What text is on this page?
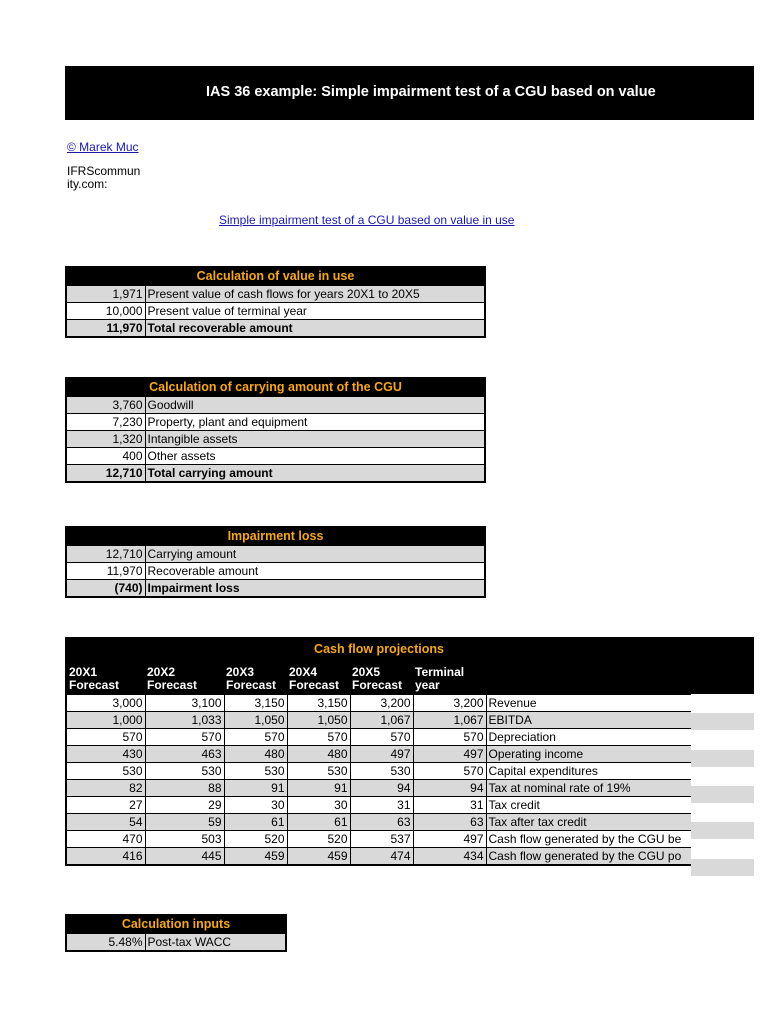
IAS 36 example: Simple impairment test of a CGU based on value
© Marek Muc
IFRScommun ity.com:
Simple impairment test of a CGU based on value in use
Calculation of value in use	
1,971	Present value of cash flows for years 20X1 to 20X5
10,000	Present value of terminal year
11,970	Total recoverable amount
Calculation of carrying amount of the CGU	
3,760	Goodwill
7,230	Property, plant and equipment
1,320	Intangible assets
400	Other assets
12,710	Total carrying amount
Impairment loss	
12,710	Carrying amount
11,970	Recoverable amount
(740)	Impairment loss
Cash flow projections						
20X1 Forecast	20X2 Forecast	20X3 Forecast	20X4 Forecast	20X5 Forecast	Terminal year	
3,000	3,100	3,150	3,150	3,200	3,200	Revenue
1,000	1,033	1,050	1,050	1,067	1,067	EBITDA
570	570	570	570	570	570	Depreciation
430	463	480	480	497	497	Operating income
530	530	530	530	530	570	Capital expenditures
82	88	91	91	94	94	Tax at nominal rate of 19%
27	29	30	30	31	31	Tax credit
54	59	61	61	63	63	Tax after tax credit
470	503	520	520	537	497	Cash flow generated by the CGU be
416	445	459	459	474	434	Cash flow generated by the CGU po
Calculation inputs
5.48%	Post-tax WACC
